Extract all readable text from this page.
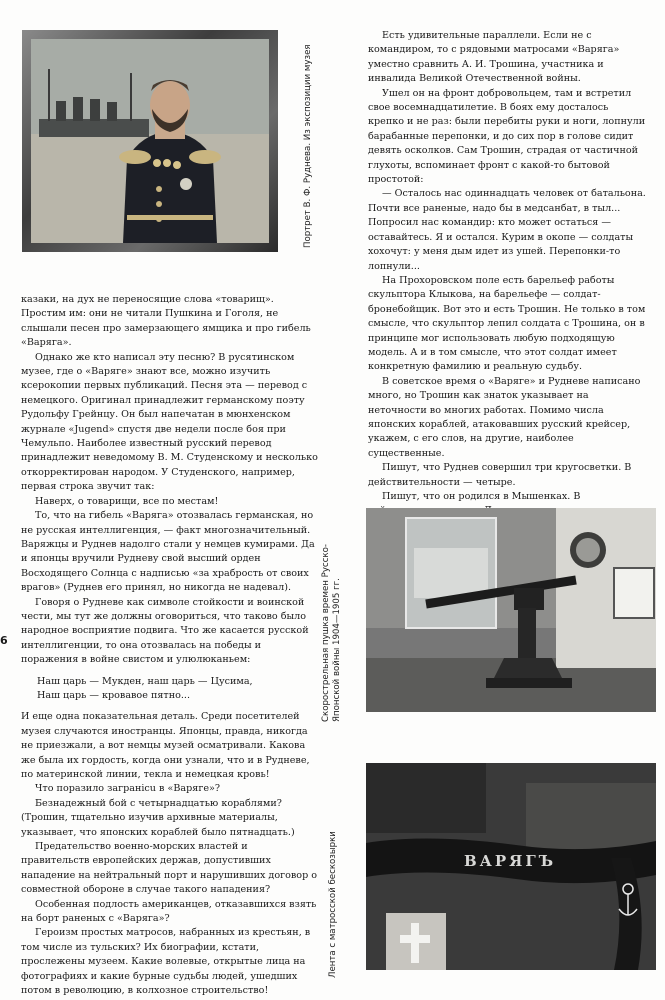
Портрет В. Ф. Руднева. Из экспозиции музея

казаки, на дух не переносящие слова «товарищ». Простим им: они не читали Пушкина и Гоголя, не слышали песен про замерзающего ямщика и про гибель «Варяга».

Однако же кто написал эту песню? В русятинском музее, где о «Варяге» знают все, можно изучить ксерокопии первых публикаций. Песня эта — перевод с немецкого. Оригинал принадлежит германскому поэту Рудольфу Грейнцу. Он был напечатан в мюнхенском журнале «Jugend» спустя две недели после боя при Чемульпо. Наиболее известный русский перевод принадлежит неведомому В. М. Студенскому и несколько откорректирован народом. У Студенского, например, первая строка звучит так:

Наверх, о товарищи, все по местам!

То, что на гибель «Варяга» отозвалась германская, но не русская интеллигенция, — факт многозначительный. Варяжцы и Руднев надолго стали у немцев кумирами. Да и японцы вручили Рудневу свой высший орден Восходящего Солнца с надписью «за храбрость от своих врагов» (Руднев его принял, но никогда не надевал).

Говоря о Рудневе как символе стойкости и воинской чести, мы тут же должны оговориться, что таково было народное восприятие подвига. Что же касается русской интеллигенции, то она отозвалась на победы и поражения в войне свистом и улюлюканьем:

Наш царь — Мукден, наш царь — Цусима,

Наш царь — кровавое пятно...

И еще одна показательная деталь. Среди посетителей музея случаются иностранцы. Японцы, правда, никогда не приезжали, а вот немцы музей осматривали. Какова же была их гордость, когда они узнали, что и в Рудневе, по материнской линии, текла и немецкая кровь!

Что поразило загранicu в «Варяге»?

Безнадежный бой с четырнадцатью кораблями? (Трошин, тщательно изучив архивные материалы, указывает, что японских кораблей было пятнадцать.)

Предательство военно-морских властей и правительств европейских держав, допустивших нападение на нейтральный порт и нарушивших договор о совместной обороне в случае такого нападения?

Особенная подлость американцев, отказавшихся взять на борт раненых с «Варяга»?

Героизм простых матросов, набранных из крестьян, в том числе из тульских? Их биографии, кстати, прослежены музеем. Какие волевые, открытые лица на фотографиях и какие бурные судьбы людей, ушедших потом в революцию, в колхозное строительство!

6

Есть удивительные параллели. Если не с командиром, то с рядовыми матросами «Варяга» уместно сравнить А. И. Трошина, участника и инвалида Великой Отечественной войны.

Ушел он на фронт добровольцем, там и встретил свое восемнадцатилетие. В боях ему досталось крепко и не раз: были перебиты руки и ноги, лопнули барабанные перепонки, и до сих пор в голове сидит девять осколков. Сам Трошин, страдая от частичной глухоты, вспоминает фронт с какой-то бытовой простотой:

— Осталось нас одиннадцать человек от батальона. Почти все раненые, надо бы в медсанбат, в тыл... Попросил нас командир: кто может остаться — оставайтесь. Я и остался. Курим в окопе — солдаты хохочут: у меня дым идет из ушей. Перепонки-то лопнули...

На Прохоровском поле есть барельеф работы скульптора Клыкова, на барельефе — солдат-бронебойщик. Вот это и есть Трошин. Не только в том смысле, что скульптор лепил солдата с Трошина, он в принципе мог использовать любую подходящую модель. А и в том смысле, что этот солдат имеет конкретную фамилию и реальную судьбу.

В советское время о «Варяге» и Рудневе написано много, но Трошин как знаток указывает на неточности во многих работах. Помимо числа японских кораблей, атаковавших русский крейсер, укажем, с его слов, на другие, наиболее существенные.

Пишут, что Руднев совершил три кругосветки. В действительности — четыре.

Пишут, что он родился в Мышенках. В

Скорострельная пушка времен Русско- Японской войны 1904—1905 гг.
Лента с матросской бескозырки	ВАРЯГЪ
